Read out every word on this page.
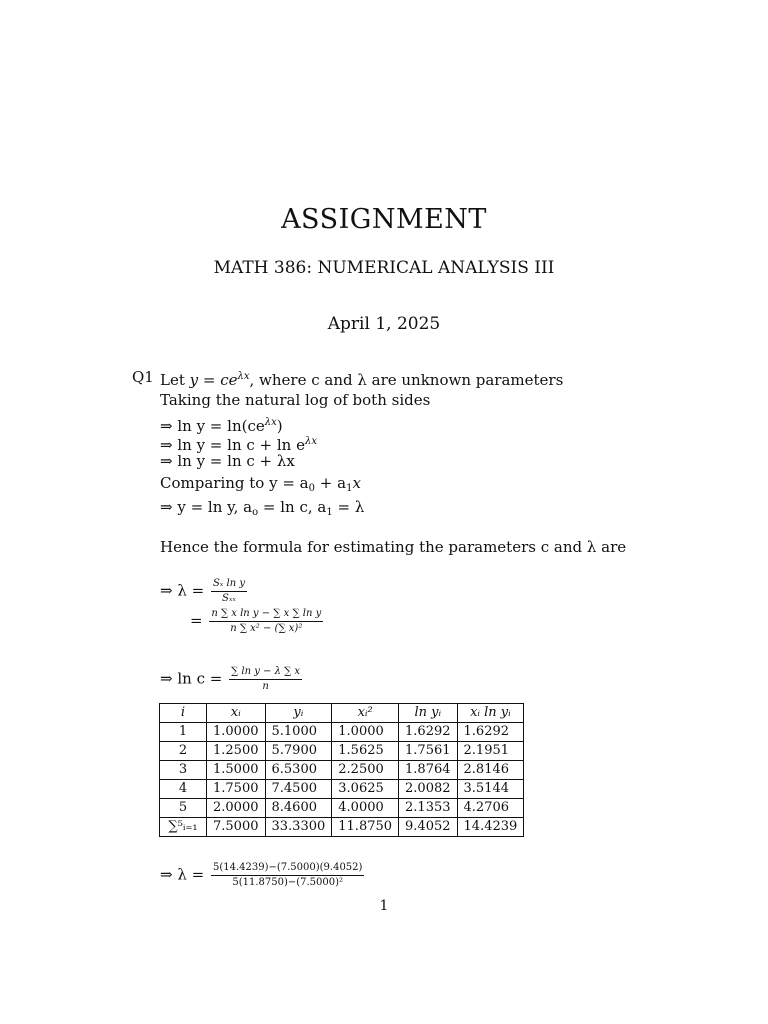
ASSIGNMENT
MATH 386: NUMERICAL ANALYSIS III
April 1, 2025
Q1 Let $y = ce^{\lambda x}$, where c and λ are unknown parameters
Taking the natural log of both sides
⇒ $\ln y = \ln(ce^{\lambda x})$
⇒ $\ln y = \ln c + \ln e^{\lambda x}$
⇒ ln y = ln c + λx
Comparing to $y = a_0 + a_1x$
⇒ y = ln y, $a_o = \ln c$, $a_1 = \lambda$
Hence the formula for estimating the parameters c and λ are
⇒ $\lambda = \frac{\text{Sₓ ln y}}{\text{Sₓₓ}}$
= $\frac{\text{n ∑ x ln y − ∑ x ∑ ln y}}{\text{n ∑ x² − (∑ x)²}}$
⇒ $\ln c = \frac{\text{∑ ln y − λ ∑ x}}{n}$
i	xᵢ	yᵢ	xᵢ²	ln yᵢ	xᵢ ln yᵢ
1	1.0000	5.1000	1.0000	1.6292	1.6292
2	1.2500	5.7900	1.5625	1.7561	2.1951
3	1.5000	6.5300	2.2500	1.8764	2.8146
4	1.7500	7.4500	3.0625	2.0082	3.5144
5	2.0000	8.4600	4.0000	2.1353	4.2706
∑⁵ᵢ₌₁	7.5000	33.3300	11.8750	9.4052	14.4239
⇒ $\lambda = \frac{5(14.4239)-(7.5000)(9.4052)}{\text{5(11.8750)−(7.5000)²}}$
1
